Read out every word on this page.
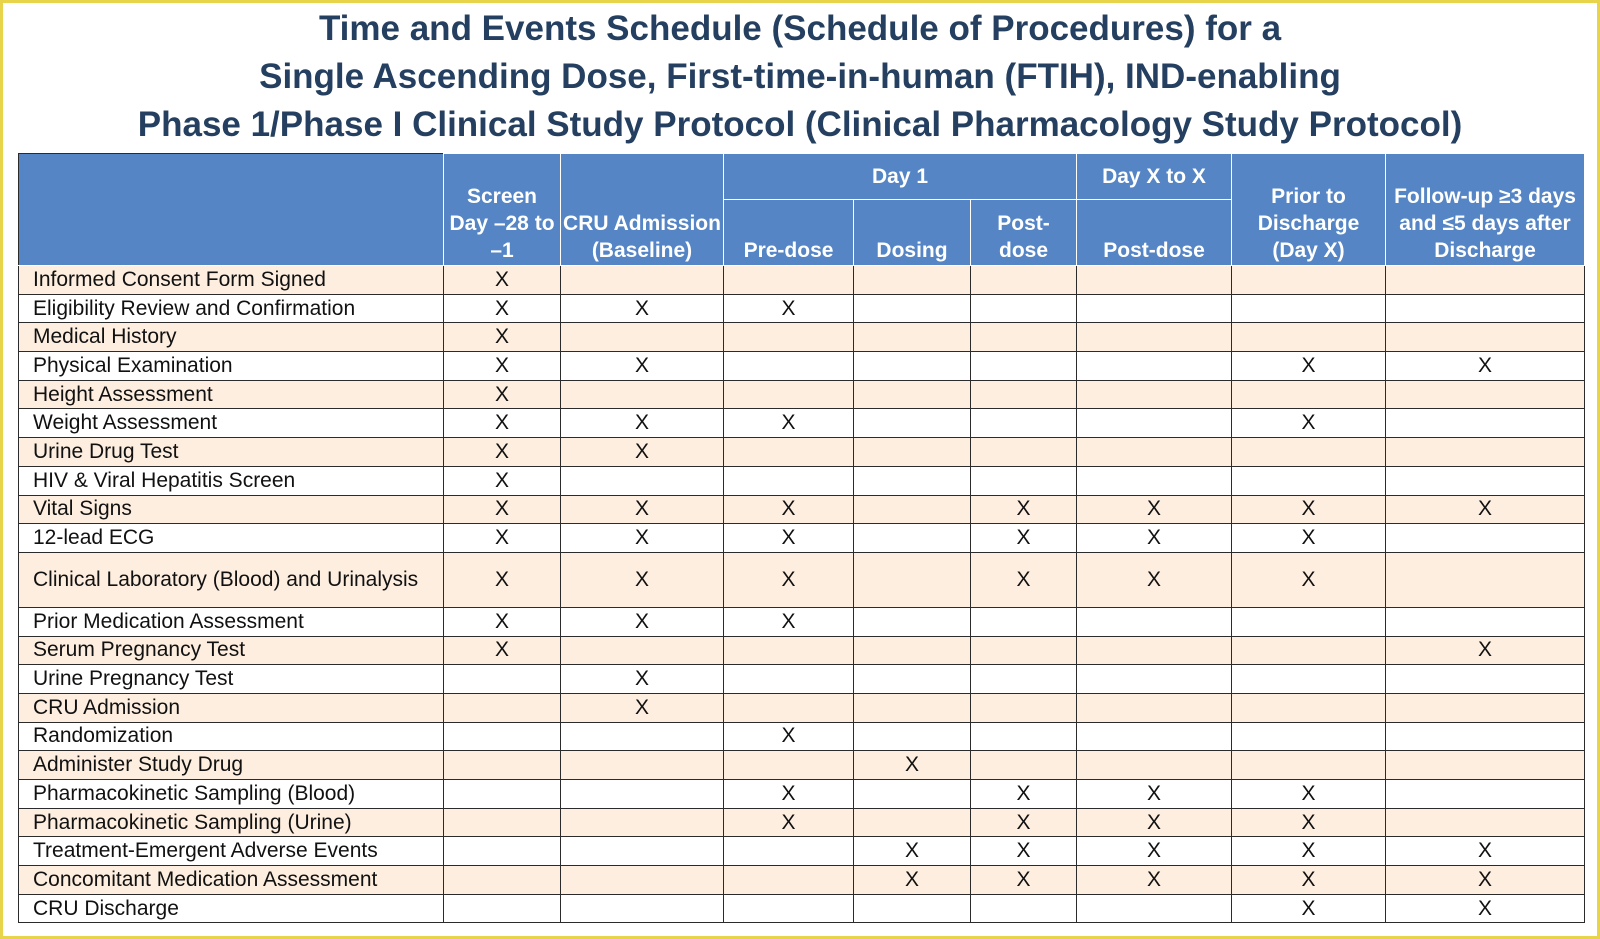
Time and Events Schedule (Schedule of Procedures) for a
Single Ascending Dose, First-time-in-human (FTIH), IND-enabling
Phase 1/Phase I Clinical Study Protocol (Clinical Pharmacology Study Protocol)
	Screen Day –28 to –1	CRU Admission (Baseline)	Day 1			Day X to X	Prior to Discharge (Day X)	Follow-up ≥3 days and ≤5 days after Discharge
			Pre-dose	Dosing	Post-dose	Post-dose		
Informed Consent Form Signed	X							
Eligibility Review and Confirmation	X	X	X					
Medical History	X							
Physical Examination	X	X					X	X
Height Assessment	X							
Weight Assessment	X	X	X				X	
Urine Drug Test	X	X						
HIV & Viral Hepatitis Screen	X							
Vital Signs	X	X	X		X	X	X	X
12-lead ECG	X	X	X		X	X	X	
Clinical Laboratory (Blood) and Urinalysis	X	X	X		X	X	X	
Prior Medication Assessment	X	X	X					
Serum Pregnancy Test	X							X
Urine Pregnancy Test		X						
CRU Admission		X						
Randomization			X					
Administer Study Drug				X				
Pharmacokinetic Sampling (Blood)			X		X	X	X	
Pharmacokinetic Sampling (Urine)			X		X	X	X	
Treatment-Emergent Adverse Events				X	X	X	X	X
Concomitant Medication Assessment				X	X	X	X	X
CRU Discharge							X	X
